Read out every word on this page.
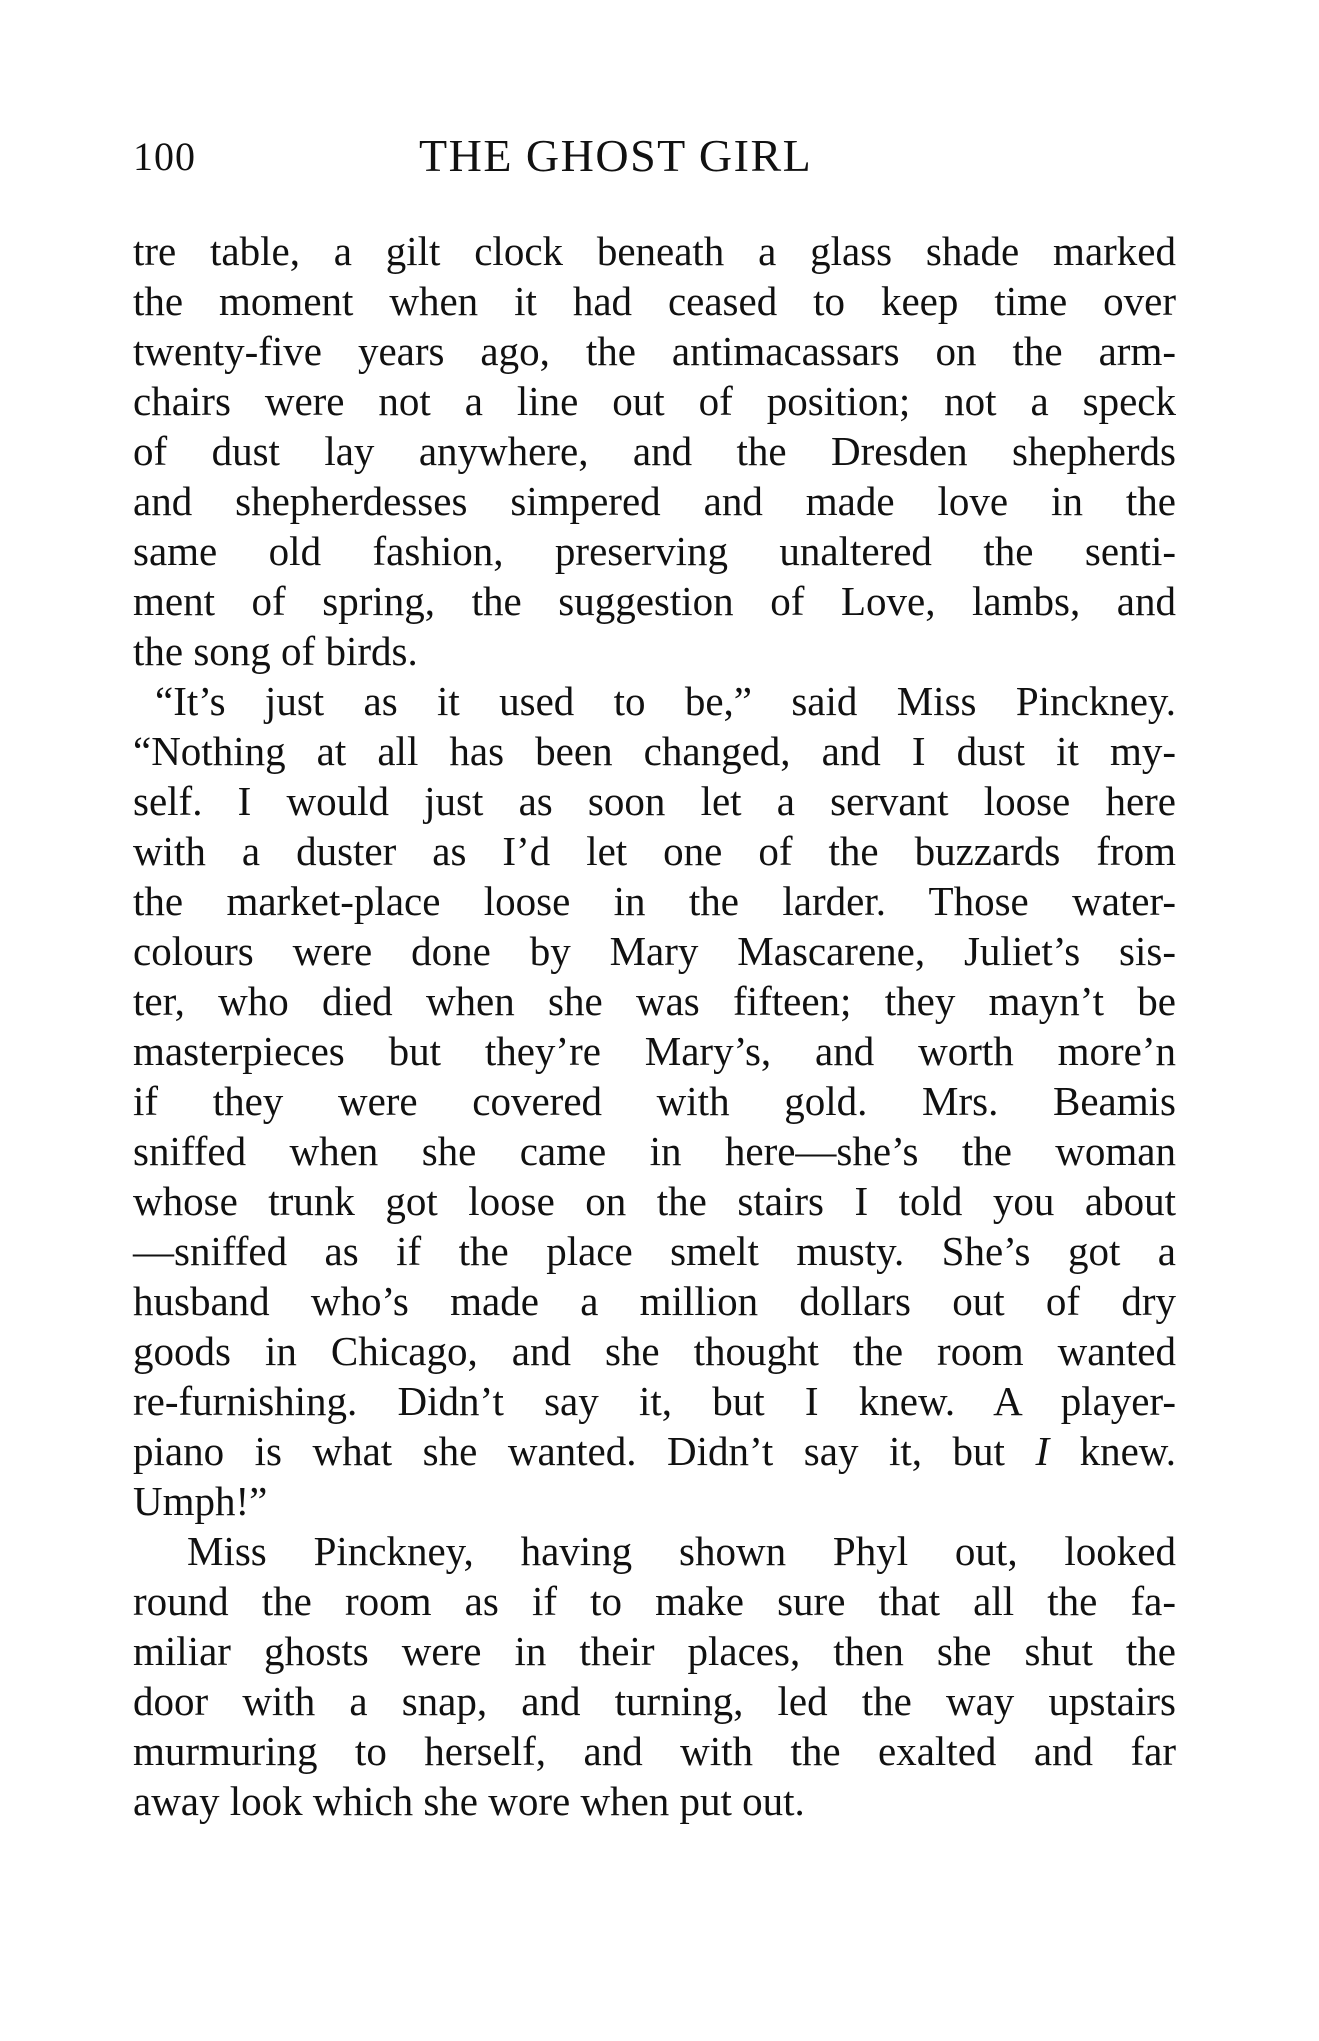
100	THE GHOST GIRL
tre table, a gilt clock beneath a glass shade marked
the moment when it had ceased to keep time over
twenty-five years ago, the antimacassars on the arm-
chairs were not a line out of position; not a speck
of dust lay anywhere, and the Dresden shepherds
and shepherdesses simpered and made love in the
same old fashion, preserving unaltered the senti-
ment of spring, the suggestion of Love, lambs, and
the song of birds.
“It’s just as it used to be,” said Miss Pinckney.
“Nothing at all has been changed, and I dust it my-
self. I would just as soon let a servant loose here
with a duster as I’d let one of the buzzards from
the market-place loose in the larder. Those water-
colours were done by Mary Mascarene, Juliet’s sis-
ter, who died when she was fifteen; they mayn’t be
masterpieces but they’re Mary’s, and worth more’n
if they were covered with gold. Mrs. Beamis
sniffed when she came in here—she’s the woman
whose trunk got loose on the stairs I told you about
—sniffed as if the place smelt musty. She’s got a
husband who’s made a million dollars out of dry
goods in Chicago, and she thought the room wanted
re-furnishing. Didn’t say it, but I knew. A player-
piano is what she wanted. Didn’t say it, but I knew.
Umph!”
Miss Pinckney, having shown Phyl out, looked
round the room as if to make sure that all the fa-
miliar ghosts were in their places, then she shut the
door with a snap, and turning, led the way upstairs
murmuring to herself, and with the exalted and far
away look which she wore when put out.
